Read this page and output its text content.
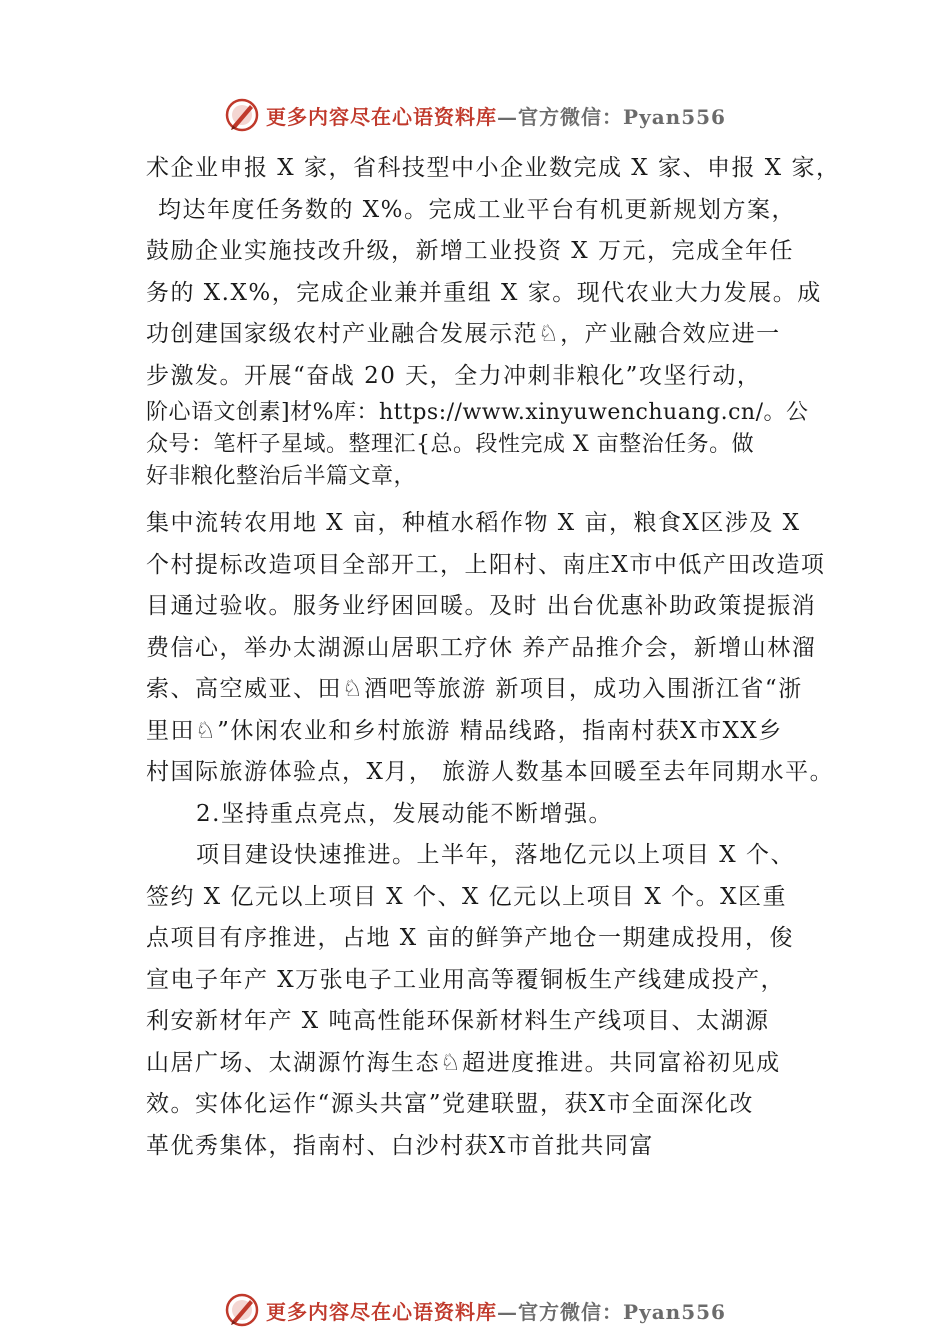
更多内容尽在心语资料库—官方微信：Pyan556
术企业申报 X 家，省科技型中小企业数完成 X 家、申报 X 家，
均达年度任务数的 X%。完成工业平台有机更新规划方案，
鼓励企业实施技改升级，新增工业投资 X 万元，完成全年任
务的 X.X%，完成企业兼并重组 X 家。现代农业大力发展。成
功创建国家级农村产业融合发展示范♘，产业融合效应进一
步激发。开展“奋战 20 天，全力冲刺非粮化”攻坚行动，
阶心语文创素]材%库：https://www.xinyuwenchuang.cn/。公
众号：笔杆子星域。整理汇{总。段性完成 X 亩整治任务。做
好非粮化整治后半篇文章，
集中流转农用地 X 亩，种植水稻作物 X 亩，粮食X区涉及 X
个村提标改造项目全部开工，上阳村、南庄X市中低产田改造项
目通过验收。服务业纾困回暖。及时 出台优惠补助政策提振消
费信心，举办太湖源山居职工疗休 养产品推介会，新增山林溜
索、高空威亚、田♘酒吧等旅游 新项目，成功入围浙江省“浙
里田♘”休闲农业和乡村旅游 精品线路，指南村获X市XX乡
村国际旅游体验点，X月， 旅游人数基本回暖至去年同期水平。
2.坚持重点亮点，发展动能不断增强。
项目建设快速推进。上半年，落地亿元以上项目 X 个、
签约 X 亿元以上项目 X 个、X 亿元以上项目 X 个。X区重
点项目有序推进，占地 X 亩的鲜笋产地仓一期建成投用，俊
宣电子年产 X万张电子工业用高等覆铜板生产线建成投产，
利安新材年产 X 吨高性能环保新材料生产线项目、太湖源
山居广场、太湖源竹海生态♘超进度推进。共同富裕初见成
效。实体化运作“源头共富”党建联盟，获X市全面深化改
革优秀集体，指南村、白沙村获X市首批共同富
更多内容尽在心语资料库—官方微信：Pyan556
